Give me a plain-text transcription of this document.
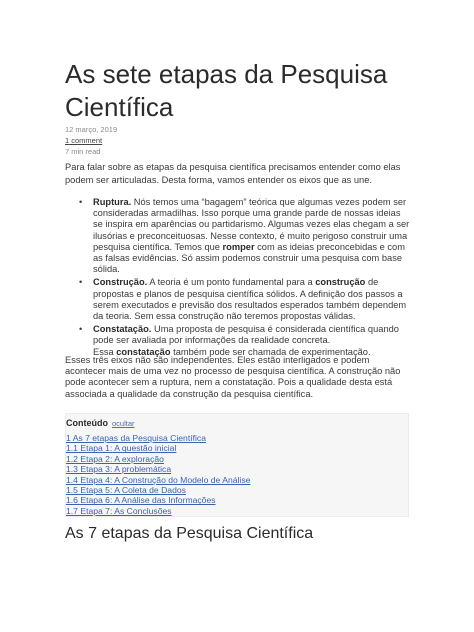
As sete etapas da Pesquisa Científica
12 março, 2019
1 comment
7 min read

Para falar sobre as etapas da pesquisa científica precisamos entender como elas podem ser articuladas. Desta forma, vamos entender os eixos que as une.

• Ruptura. Nós temos uma “bagagem” teórica que algumas vezes podem ser consideradas armadilhas. Isso porque uma grande parde de nossas ideias se inspira em aparências ou partidarismo. Algumas vezes elas chegam a ser ilusórias e preconceituosas. Nesse contexto, é muito perigoso construir uma pesquisa científica. Temos que romper com as ideias preconcebidas e com as falsas evidências. Só assim podemos construir uma pesquisa com base sólida.
• Construção. A teoria é um ponto fundamental para a construção de propostas e planos de pesquisa científica sólidos. A definição dos passos a serem executados e previsão dos resultados esperados também dependem da teoria. Sem essa construção não teremos propostas válidas.
• Constatação. Uma proposta de pesquisa é considerada científica quando pode ser avaliada por informações da realidade concreta.
Essa constatação também pode ser chamada de experimentação.

Esses três eixos não são independentes. Eles estão interligados e podem acontecer mais de uma vez no processo de pesquisa científica. A construção não pode acontecer sem a ruptura, nem a constatação. Pois a qualidade desta está associada a qualidade da construção da pesquisa científica.

Conteúdo ocultar
1 As 7 etapas da Pesquisa Científica
1.1 Etapa 1: A questão inicial
1.2 Etapa 2: A exploração
1.3 Etapa 3: A problemática
1.4 Etapa 4: A Construção do Modelo de Análise
1.5 Etapa 5: A Coleta de Dados
1.6 Etapa 6: A Análise das Informações
1.7 Etapa 7: As Conclusões
As 7 etapas da Pesquisa Científica
